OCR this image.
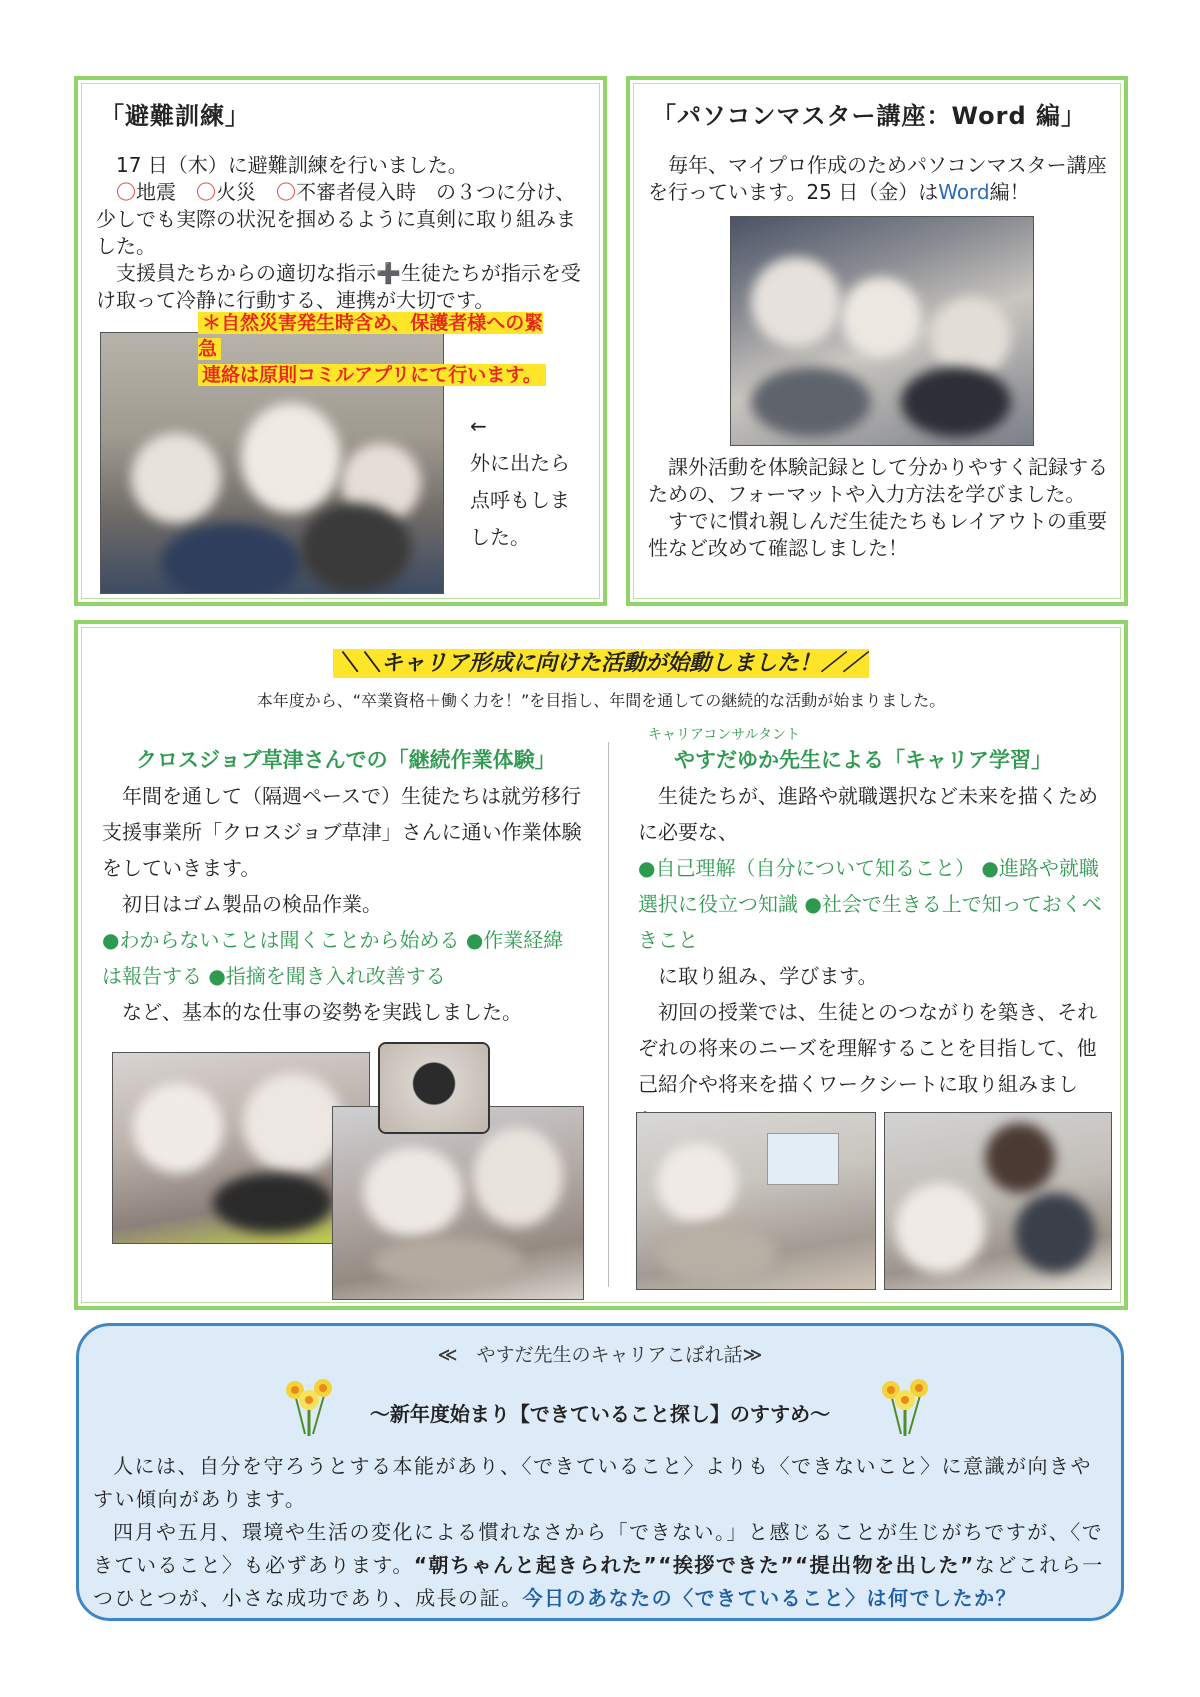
「避難訓練」
17 日（木）に避難訓練を行いました。
〇地震　 〇火災　 〇不審者侵入時　 の３つに分け、少しでも実際の状況を掴めるように真剣に取り組みました。
支援員たちからの適切な指示➕生徒たちが指示を受け取って冷静に行動する、連携が大切です。
＊自然災害発生時含め、保護者様への緊急
連絡は原則コミルアプリにて行います。
←
外に出たら
点呼もしま
した。
「パソコンマスター講座：Word 編」
毎年、マイプロ作成のためパソコンマスター講座を行っています。25 日（金）はWord編！
課外活動を体験記録として分かりやすく記録するための、フォーマットや入力方法を学びました。
すでに慣れ親しんだ生徒たちもレイアウトの重要性など改めて確認しました！
＼＼キャリア形成に向けた活動が始動しました！／／
本年度から、“卒業資格＋働く力を！”を目指し、年間を通しての継続的な活動が始まりました。
クロスジョブ草津さんでの「継続作業体験」
年間を通して（隔週ペースで）生徒たちは就労移行支援事業所「クロスジョブ草津」さんに通い作業体験をしていきます。
初日はゴム製品の検品作業。
●わからないことは聞くことから始める ●作業経緯は報告する ●指摘を聞き入れ改善する
など、基本的な仕事の姿勢を実践しました。
キャリアコンサルタント
やすだゆか先生による「キャリア学習」
生徒たちが、進路や就職選択など未来を描くために必要な、
●自己理解（自分について知ること） ●進路や就職選択に役立つ知識 ●社会で生きる上で知っておくべきこと
に取り組み、学びます。
初回の授業では、生徒とのつながりを築き、それぞれの将来のニーズを理解することを目指して、他己紹介や将来を描くワークシートに取り組みまし
≪　やすだ先生のキャリアこぼれ話≫
～新年度始まり【できていること探し】のすすめ～
人には、自分を守ろうとする本能があり、〈できていること〉よりも〈できないこと〉に意識が向きやすい傾向があります。
四月や五月、環境や生活の変化による慣れなさから「できない。」と感じることが生じがちですが、〈できていること〉も必ずあります。“朝ちゃんと起きられた”“挨拶できた”“提出物を出した”などこれら一つひとつが、小さな成功であり、成長の証。今日のあなたの〈できていること〉は何でしたか？
